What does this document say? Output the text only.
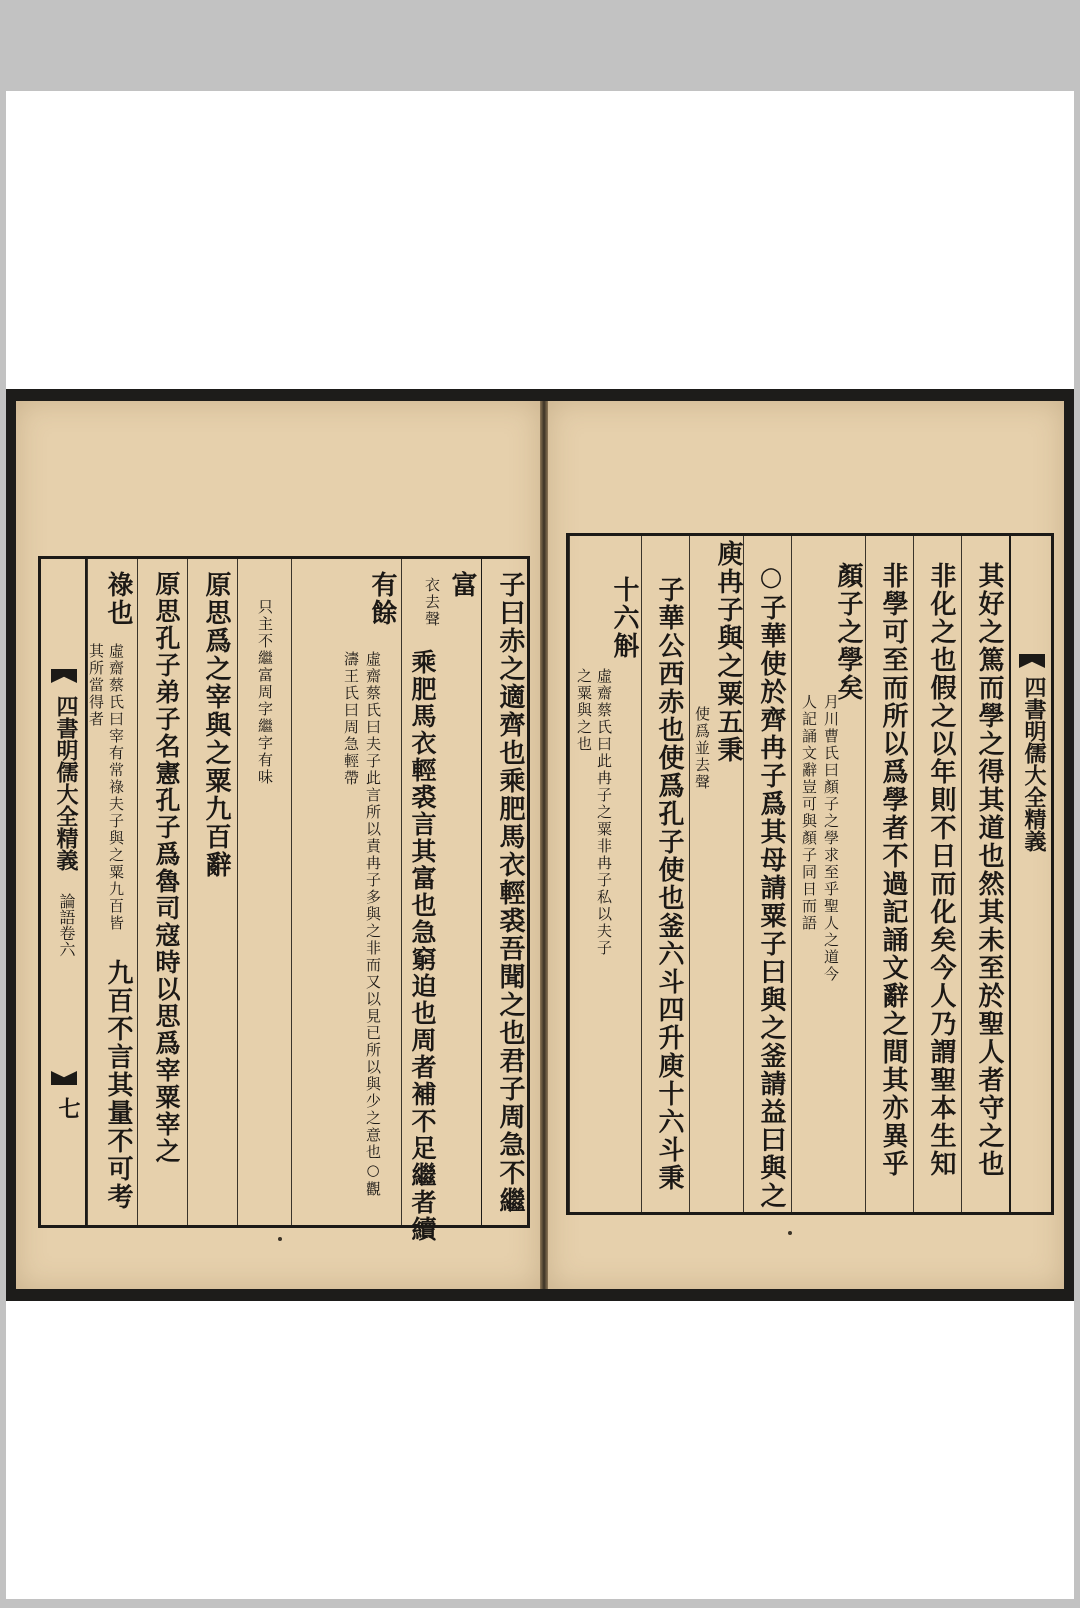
子曰赤之適齊也乘肥馬衣輕裘吾聞之也君子周急不繼
富
衣去聲
乘肥馬衣輕裘言其富也急窮迫也周者補不足繼者續
有餘
虛齋蔡氏曰夫子此言所以責冉子多與之非而又以見已所以與少之意也○觀濤王氏曰周急輕帶
只主不繼富周字繼字有味
原思爲之宰與之粟九百辭
原思孔子弟子名憲孔子爲魯司寇時以思爲宰粟宰之
祿也
虛齋蔡氏曰宰有常祿夫子與之粟九百皆其所當得者
九百不言其量不可考
四書明儒大全精義
論語卷六
七
四書明儒大全精義
其好之篤而學之得其道也然其未至於聖人者守之也
非化之也假之以年則不日而化矣今人乃謂聖本生知
非學可至而所以爲學者不過記誦文辭之間其亦異乎
顏子之學矣
月川曹氏曰顏子之學求至乎聖人之道今人記誦文辭豈可與顏子同日而語
○子華使於齊冉子爲其母請粟子曰與之釜請益曰與之
庾冉子與之粟五秉
使爲並去聲
子華公西赤也使爲孔子使也釜六斗四升庾十六斗秉
十六斛
虛齋蔡氏曰此冉子之粟非冉子私以夫子之粟與之也
